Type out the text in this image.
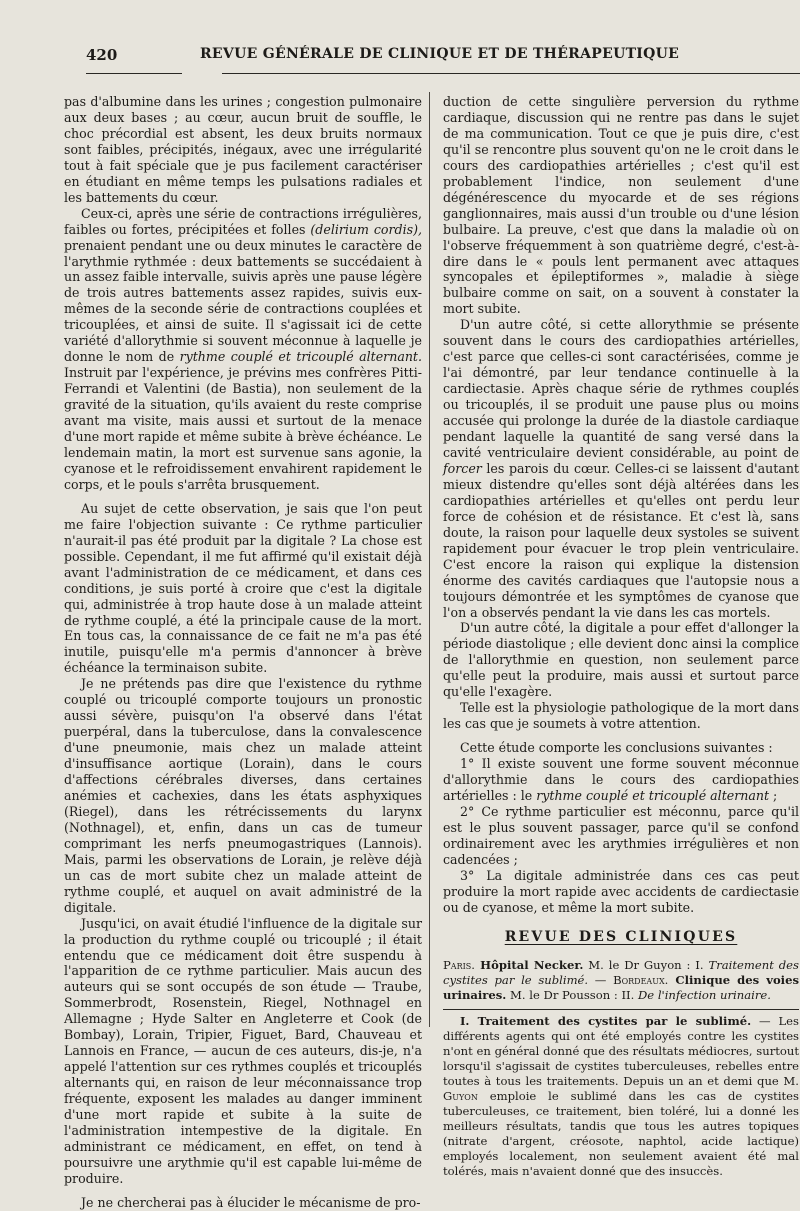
420	REVUE GÉNÉRALE DE CLINIQUE ET DE THÉRAPEUTIQUE

pas d'albumine dans les urines ; congestion pulmonaire aux deux bases ; au cœur, aucun bruit de souffle, le choc précordial est absent, les deux bruits normaux sont faibles, précipités, inégaux, avec une irrégularité tout à fait spéciale que je pus facilement caractériser en étudiant en même temps les pulsations radiales et les battements du cœur.

Ceux-ci, après une série de contractions irrégulières, faibles ou fortes, précipitées et folles (delirium cordis), prenaient pendant une ou deux minutes le caractère de l'arythmie rythmée : deux battements se succédaient à un assez faible intervalle, suivis après une pause légère de trois autres battements assez rapides, suivis eux-mêmes de la seconde série de contractions couplées et tricouplées, et ainsi de suite. Il s'agissait ici de cette variété d'allorythmie si souvent méconnue à laquelle je donne le nom de rythme couplé et tricouplé alternant. Instruit par l'expérience, je prévins mes confrères Pitti-Ferrandi et Valentini (de Bastia), non seulement de la gravité de la situation, qu'ils avaient du reste comprise avant ma visite, mais aussi et surtout de la menace d'une mort rapide et même subite à brève échéance. Le lendemain matin, la mort est survenue sans agonie, la cyanose et le refroidissement envahirent rapidement le corps, et le pouls s'arrêta brusquement.

Au sujet de cette observation, je sais que l'on peut me faire l'objection suivante : Ce rythme particulier n'aurait-il pas été produit par la digitale ? La chose est possible. Cependant, il me fut affirmé qu'il existait déjà avant l'administration de ce médicament, et dans ces conditions, je suis porté à croire que c'est la digitale qui, administrée à trop haute dose à un malade atteint de rythme couplé, a été la principale cause de la mort. En tous cas, la connaissance de ce fait ne m'a pas été inutile, puisqu'elle m'a permis d'annoncer à brève échéance la terminaison subite.

Je ne prétends pas dire que l'existence du rythme couplé ou tricouplé comporte toujours un pronostic aussi sévère, puisqu'on l'a observé dans l'état puerpéral, dans la tuberculose, dans la convalescence d'une pneumonie, mais chez un malade atteint d'insuffisance aortique (Lorain), dans le cours d'affections cérébrales diverses, dans certaines anémies et cachexies, dans les états asphyxiques (Riegel), dans les rétrécissements du larynx (Nothnagel), et, enfin, dans un cas de tumeur comprimant les nerfs pneumogastriques (Lannois). Mais, parmi les observations de Lorain, je relève déjà un cas de mort subite chez un malade atteint de rythme couplé, et auquel on avait administré de la digitale.

Jusqu'ici, on avait étudié l'influence de la digitale sur la production du rythme couplé ou tricouplé ; il était entendu que ce médicament doit être suspendu à l'apparition de ce rythme particulier. Mais aucun des auteurs qui se sont occupés de son étude — Traube, Sommerbrodt, Rosenstein, Riegel, Nothnagel en Allemagne ; Hyde Salter en Angleterre et Cook (de Bombay), Lorain, Tripier, Figuet, Bard, Chauveau et Lannois en France, — aucun de ces auteurs, dis-je, n'a appelé l'attention sur ces rythmes couplés et tricouplés alternants qui, en raison de leur méconnaissance trop fréquente, exposent les malades au danger imminent d'une mort rapide et subite à la suite de l'administration intempestive de la digitale. En administrant ce médicament, en effet, on tend à poursuivre une arythmie qu'il est capable lui-même de produire.

Je ne chercherai pas à élucider le mécanisme de pro-

duction de cette singulière perversion du rythme cardiaque, discussion qui ne rentre pas dans le sujet de ma communication. Tout ce que je puis dire, c'est qu'il se rencontre plus souvent qu'on ne le croit dans le cours des cardiopathies artérielles ; c'est qu'il est probablement l'indice, non seulement d'une dégénérescence du myocarde et de ses régions ganglionnaires, mais aussi d'un trouble ou d'une lésion bulbaire. La preuve, c'est que dans la maladie où on l'observe fréquemment à son quatrième degré, c'est-à-dire dans le « pouls lent permanent avec attaques syncopales et épileptiformes », maladie à siège bulbaire comme on sait, on a souvent à constater la mort subite.

D'un autre côté, si cette allorythmie se présente souvent dans le cours des cardiopathies artérielles, c'est parce que celles-ci sont caractérisées, comme je l'ai démontré, par leur tendance continuelle à la cardiectasie. Après chaque série de rythmes couplés ou tricouplés, il se produit une pause plus ou moins accusée qui prolonge la durée de la diastole cardiaque pendant laquelle la quantité de sang versé dans la cavité ventriculaire devient considérable, au point de forcer les parois du cœur. Celles-ci se laissent d'autant mieux distendre qu'elles sont déjà altérées dans les cardiopathies artérielles et qu'elles ont perdu leur force de cohésion et de résistance. Et c'est là, sans doute, la raison pour laquelle deux systoles se suivent rapidement pour évacuer le trop plein ventriculaire. C'est encore la raison qui explique la distension énorme des cavités cardiaques que l'autopsie nous a toujours démontrée et les symptômes de cyanose que l'on a observés pendant la vie dans les cas mortels.

D'un autre côté, la digitale a pour effet d'allonger la période diastolique ; elle devient donc ainsi la complice de l'allorythmie en question, non seulement parce qu'elle peut la produire, mais aussi et surtout parce qu'elle l'exagère.

Telle est la physiologie pathologique de la mort dans les cas que je soumets à votre attention.

Cette étude comporte les conclusions suivantes :

1° Il existe souvent une forme souvent méconnue d'allorythmie dans le cours des cardiopathies artérielles : le rythme couplé et tricouplé alternant ;

2° Ce rythme particulier est méconnu, parce qu'il est le plus souvent passager, parce qu'il se confond ordinairement avec les arythmies irrégulières et non cadencées ;

3° La digitale administrée dans ces cas peut produire la mort rapide avec accidents de cardiectasie ou de cyanose, et même la mort subite.

REVUE DES CLINIQUES

Paris. Hôpital Necker. M. le Dr Guyon : I. Traitement des cystites par le sublimé. — Bordeaux. Clinique des voies urinaires. M. le Dr Pousson : II. De l'infection urinaire.

I. Traitement des cystites par le sublimé. — Les différents agents qui ont été employés contre les cystites n'ont en général donné que des résultats médiocres, surtout lorsqu'il s'agissait de cystites tuberculeuses, rebelles entre toutes à tous les traitements. Depuis un an et demi que M. Guyon emploie le sublimé dans les cas de cystites tuberculeuses, ce traitement, bien toléré, lui a donné les meilleurs résultats, tandis que tous les autres topiques (nitrate d'argent, créosote, naphtol, acide lactique) employés localement, non seulement avaient été mal tolérés, mais n'avaient donné que des insuccès.
